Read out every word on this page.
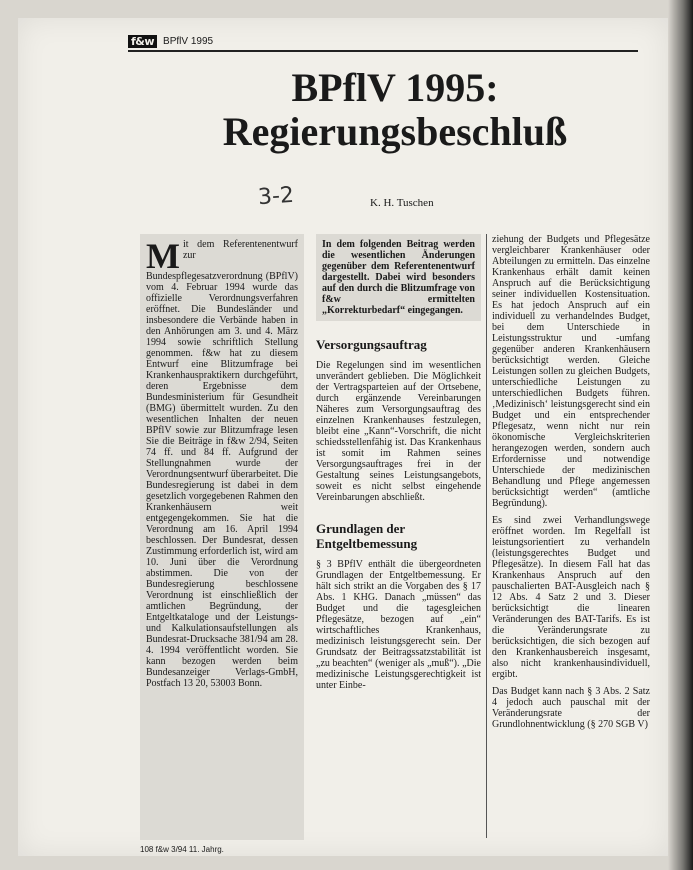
f&w BPflV 1995
BPflV 1995: Regierungsbeschluß
3-2	K. H. Tuschen
M it dem Referentenentwurf zur Bundespflegesatzverordnung (BPflV) vom 4. Februar 1994 wurde das offizielle Verordnungsverfahren eröffnet. Die Bundesländer und insbesondere die Verbände haben in den Anhörungen am 3. und 4. März 1994 sowie schriftlich Stellung genommen. f&w hat zu diesem Entwurf eine Blitzumfrage bei Krankenhauspraktikern durchgeführt, deren Ergebnisse dem Bundesministerium für Gesundheit (BMG) übermittelt wurden. Zu den wesentlichen Inhalten der neuen BPflV sowie zur Blitzumfrage lesen Sie die Beiträge in f&w 2/94, Seiten 74 ff. und 84 ff. Aufgrund der Stellungnahmen wurde der Verordnungsentwurf überarbeitet. Die Bundesregierung ist dabei in dem gesetzlich vorgegebenen Rahmen den Krankenhäusern weit entgegengekommen. Sie hat die Verordnung am 16. April 1994 beschlossen. Der Bundesrat, dessen Zustimmung erforderlich ist, wird am 10. Juni über die Verordnung abstimmen. Die von der Bundesregierung beschlossene Verordnung ist einschließlich der amtlichen Begründung, der Entgeltkataloge und der Leistungs- und Kalkulationsaufstellungen als Bundesrat-Drucksache 381/94 am 28. 4. 1994 veröffentlicht worden. Sie kann bezogen werden beim Bundesanzeiger Verlags-GmbH, Postfach 13 20, 53003 Bonn.

In dem folgenden Beitrag werden die wesentlichen Änderungen gegenüber dem Referentenentwurf dargestellt. Dabei wird besonders auf den durch die Blitzumfrage von f&w ermittelten „Korrekturbedarf“ eingegangen.
Versorgungsauftrag

Die Regelungen sind im wesentlichen unverändert geblieben. Die Möglichkeit der Vertragsparteien auf der Ortsebene, durch ergänzende Vereinbarungen Näheres zum Versorgungsauftrag des einzelnen Krankenhauses festzulegen, bleibt eine „Kann“-Vorschrift, die nicht schiedsstellenfähig ist. Das Krankenhaus ist somit im Rahmen seines Versorgungsauftrages frei in der Gestaltung seines Leistungsangebots, soweit es nicht selbst eingehende Vereinbarungen abschließt.

Grundlagen der Entgeltbemessung

§ 3 BPflV enthält die übergeordneten Grundlagen der Entgeltbemessung. Er hält sich strikt an die Vorgaben des § 17 Abs. 1 KHG. Danach „müssen“ das Budget und die tagesgleichen Pflegesätze, bezogen auf „ein“ wirtschaftliches Krankenhaus, medizinisch leistungsgerecht sein. Der Grundsatz der Beitragssatzstabilität ist „zu beachten“ (weniger als „muß“). „Die medizinische Leistungsgerechtigkeit ist unter Einbe-

ziehung der Budgets und Pflegesätze vergleichbarer Krankenhäuser oder Abteilungen zu ermitteln. Das einzelne Krankenhaus erhält damit keinen Anspruch auf die Berücksichtigung seiner individuellen Kostensituation. Es hat jedoch Anspruch auf ein individuell zu verhandelndes Budget, bei dem Unterschiede in Leistungsstruktur und -umfang gegenüber anderen Krankenhäusern berücksichtigt werden. Gleiche Leistungen sollen zu gleichen Budgets, unterschiedliche Leistungen zu unterschiedlichen Budgets führen. ‚Medizinisch‘ leistungsgerecht sind ein Budget und ein entsprechender Pflegesatz, wenn nicht nur rein ökonomische Vergleichskriterien herangezogen werden, sondern auch Erfordernisse und notwendige Unterschiede der medizinischen Behandlung und Pflege angemessen berücksichtigt werden“ (amtliche Begründung).

Es sind zwei Verhandlungswege eröffnet worden. Im Regelfall ist leistungsorientiert zu verhandeln (leistungsgerechtes Budget und Pflegesätze). In diesem Fall hat das Krankenhaus Anspruch auf den pauschalierten BAT-Ausgleich nach § 12 Abs. 4 Satz 2 und 3. Dieser berücksichtigt die linearen Veränderungen des BAT-Tarifs. Es ist die Veränderungsrate zu berücksichtigen, die sich bezogen auf den Krankenhausbereich insgesamt, also nicht krankenhausindividuell, ergibt.

Das Budget kann nach § 3 Abs. 2 Satz 4 jedoch auch pauschal mit der Veränderungsrate der Grundlohnentwicklung (§ 270 SGB V)

108 f&w 3/94 11. Jahrg.
